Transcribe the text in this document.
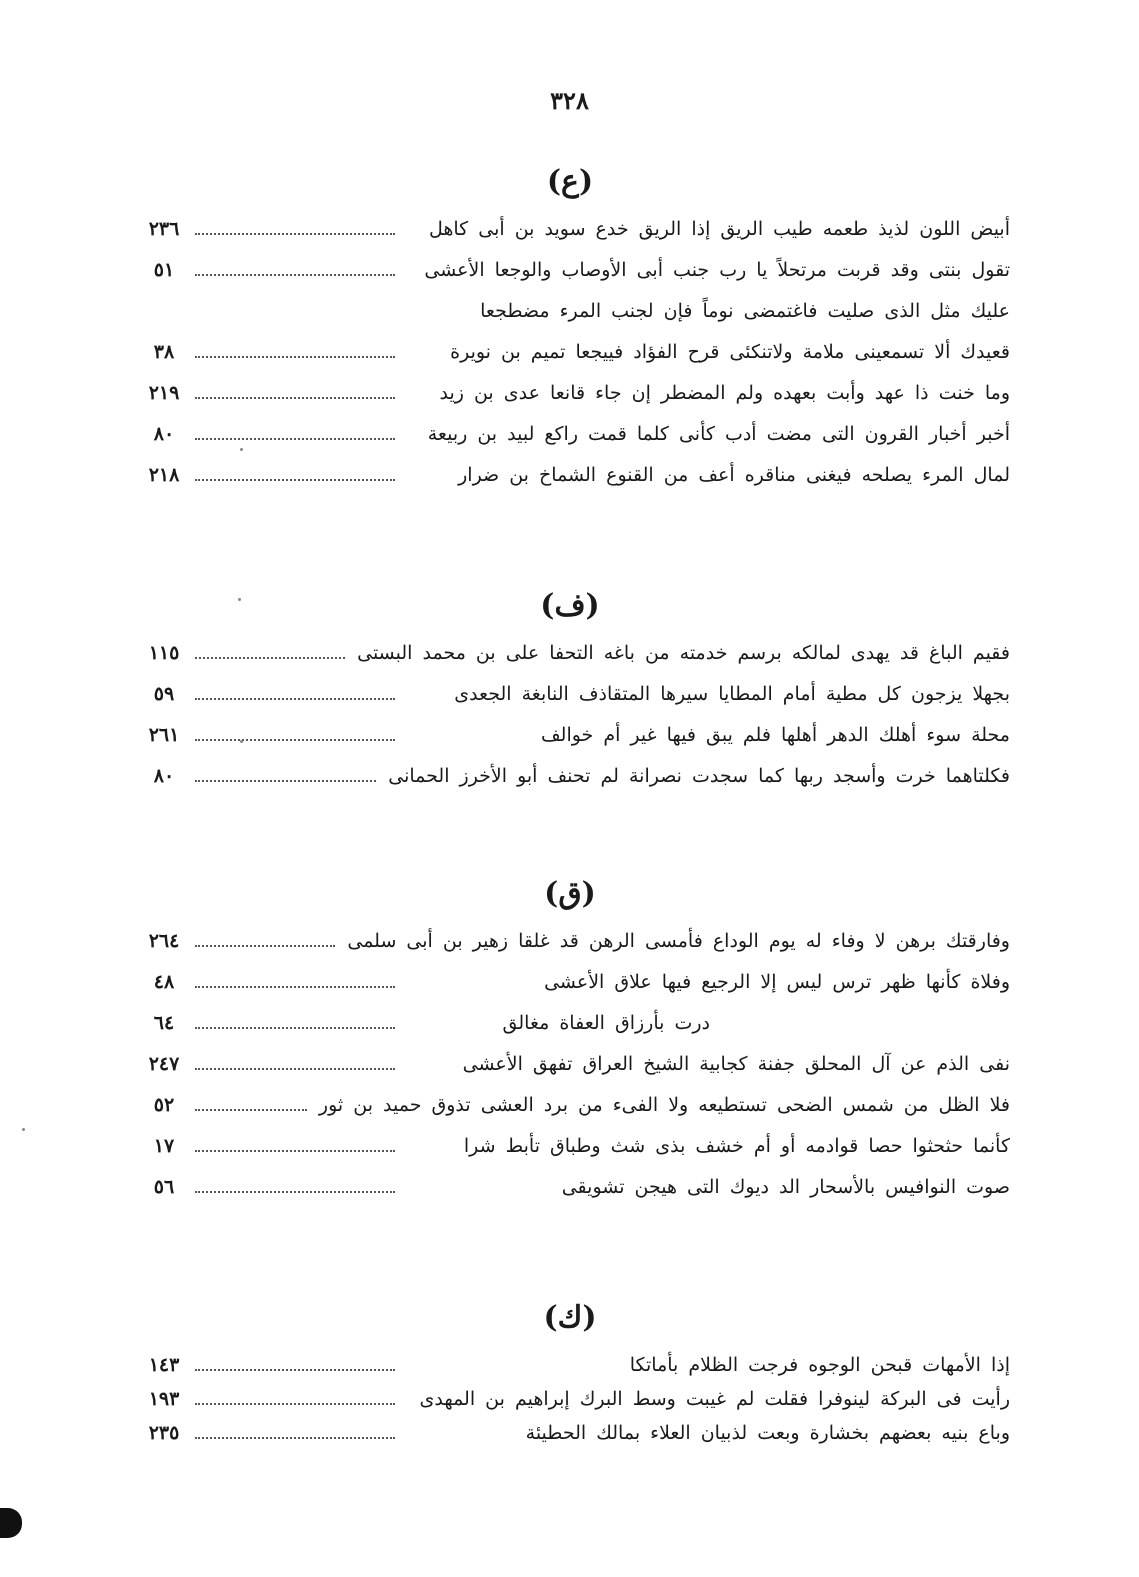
٣٢٨
(ع)
أبيض اللون لذيذ طعمه طيب الريق إذا الريق خدع سويد بن أبى كاهل
٢٣٦
تقول بنتى وقد قربت مرتحلاً يا رب جنب أبى الأوصاب والوجعا الأعشى
٥١
عليك مثل الذى صليت فاغتمضى نوماً فإن لجنب المرء مضطجعا
قعيدك ألا تسمعينى ملامة ولاتنكئى قرح الفؤاد فييجعا تميم بن نويرة
٣٨
وما خنت ذا عهد وأبت بعهده ولم المضطر إن جاء قانعا عدى بن زيد
٢١٩
أخبر أخبار القرون التى مضت أدب كأنى كلما قمت راكع لبيد بن ربيعة
٨٠
لمال المرء يصلحه فيغنى مناقره أعف من القنوع الشماخ بن ضرار
٢١٨
(ف)
فقيم الباغ قد يهدى لمالكه برسم خدمته من باغه التحفا على بن محمد البستى
١١٥
بجهلا يزجون كل مطية أمام المطايا سيرها المتقاذف النابغة الجعدى
٥٩
محلة سوء أهلك الدهر أهلها فلم يبق فيها غير أم خوالف
٢٦١
فكلتاهما خرت وأسجد ربها كما سجدت نصرانة لم تحنف أبو الأخرز الحمانى
٨٠
(ق)
وفارقتك برهن لا وفاء له يوم الوداع فأمسى الرهن قد غلقا زهير بن أبى سلمى
٢٦٤
وفلاة كأنها ظهر ترس ليس إلا الرجيع فيها علاق الأعشى
٤٨
درت بأرزاق العفاة مغالق
٦٤
نفى الذم عن آل المحلق جفنة كجابية الشيخ العراق تفهق الأعشى
٢٤٧
فلا الظل من شمس الضحى تستطيعه ولا الفىء من برد العشى تذوق حميد بن ثور
٥٢
كأنما حثحثوا حصا قوادمه أو أم خشف بذى شث وطباق تأبط شرا
١٧
صوت النوافيس بالأسحار الد ديوك التى هيجن تشويقى
٥٦
(ك)
إذا الأمهات قبحن الوجوه فرجت الظلام بأماتكا
١٤٣
رأيت فى البركة لينوفرا فقلت لم غيبت وسط البرك إبراهيم بن المهدى
١٩٣
وباع بنيه بعضهم بخشارة وبعت لذبيان العلاء بمالك الحطيئة
٢٣٥
